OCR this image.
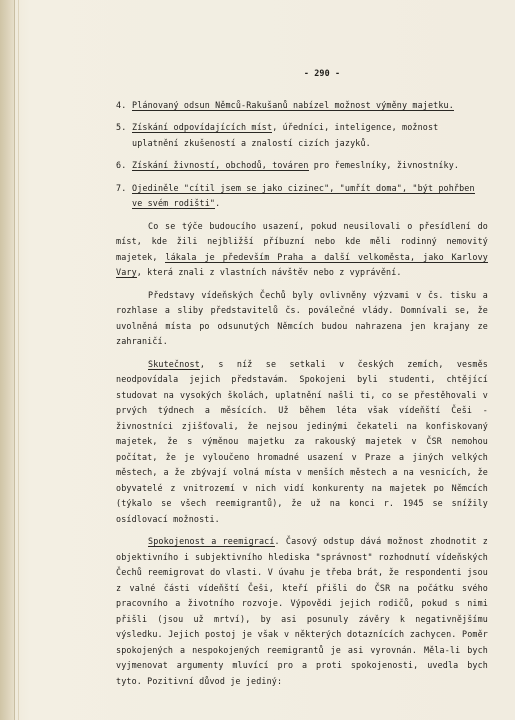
- 290 -
4. Plánovaný odsun Němců-Rakušanů nabízel možnost výměny majetku.
5. Získání odpovídajících míst, úředníci, inteligence, možnost uplatnění zkušeností a znalostí cizích jazyků.
6. Získání živností, obchodů, továren pro řemeslníky, živnostníky.
7. Ojediněle "cítil jsem se jako cizinec", "umřít doma", "být pohřben ve svém rodišti".

Co se týče budoucího usazení, pokud neusilovali o přesídlení do míst, kde žili nejbližší příbuzní nebo kde měli rodinný nemovitý majetek, lákala je především Praha a další velkoměsta, jako Karlovy Vary, která znali z vlastních návštěv nebo z vyprávění.

Představy vídeňských Čechů byly ovlivněny výzvami v čs. tisku a rozhlase a sliby představitelů čs. poválečné vlády. Domnívali se, že uvolněná místa po odsunutých Němcích budou nahrazena jen krajany ze zahraničí.

Skutečnost, s níž se setkali v českých zemích, vesměs neodpovídala jejich představám. Spokojeni byli studenti, chtějící studovat na vysokých školách, uplatnění našli ti, co se přestěhovali v prvých týdnech a měsících. Už během léta však vídeňští Češi - živnostníci zjišťovali, že nejsou jedinými čekateli na konfiskovaný majetek, že s výměnou majetku za rakouský majetek v ČSR nemohou počítat, že je vyloučeno hromadné usazení v Praze a jiných velkých městech, a že zbývají volná místa v menších městech a na vesnicích, že obyvatelé z vnitrozemí v nich vidí konkurenty na majetek po Němcích (týkalo se všech reemigrantů), že už na konci r. 1945 se snížily osídlovací možnosti.

Spokojenost a reemigrací. Časový odstup dává možnost zhodnotit z objektivního i subjektivního hlediska "správnost" rozhodnutí vídeňských Čechů reemigrovat do vlasti. V úvahu je třeba brát, že respondenti jsou z valné části vídeňští Češi, kteří přišli do ČSR na počátku svého pracovního a životního rozvoje. Výpovědi jejich rodičů, pokud s nimi přišli (jsou už mrtví), by asi posunuly závěry k negativnějšímu výsledku. Jejich postoj je však v některých dotaznících zachycen. Poměr spokojených a nespokojených reemigrantů je asi vyrovnán. Měla-li bych vyjmenovat argumenty mluvící pro a proti spokojenosti, uvedla bych tyto. Pozitivní důvod je jediný:
